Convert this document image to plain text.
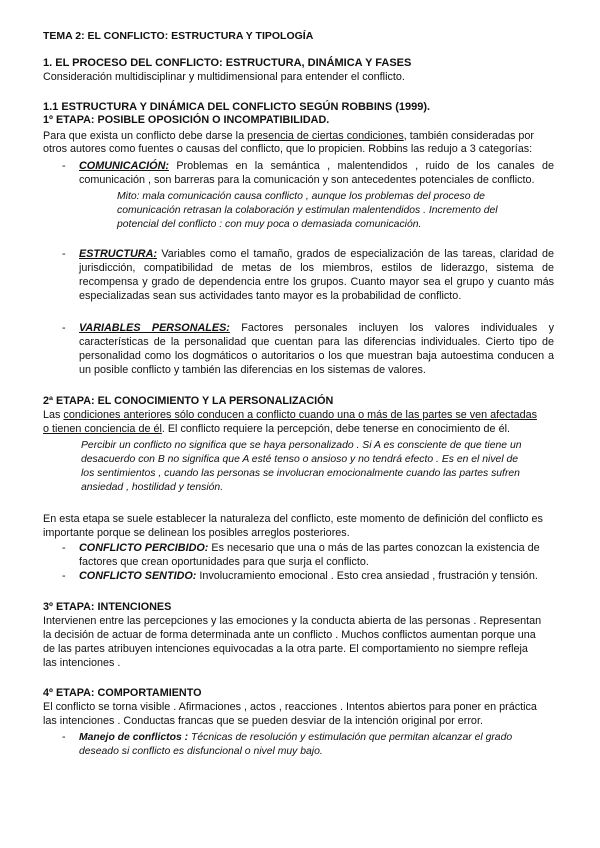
TEMA 2: EL CONFLICTO: ESTRUCTURA Y TIPOLOGÍA
1. EL PROCESO DEL CONFLICTO: ESTRUCTURA, DINÁMICA Y FASES
Consideración multidisciplinar y multidimensional para entender el conflicto.
1.1 ESTRUCTURA Y DINÁMICA DEL CONFLICTO SEGÚN ROBBINS (1999).
1º ETAPA: POSIBLE OPOSICIÓN O INCOMPATIBILIDAD.
Para que exista un conflicto debe darse la presencia de ciertas condiciones, también consideradas por
otros autores como fuentes o causas del conflicto, que lo propicien. Robbins las redujo a 3 categorías:
- COMUNICACIÓN: Problemas en la semántica , malentendidos , ruido de los canales de
comunicación , son barreras para la comunicación y son antecedentes potenciales de conflicto.
Mito: mala comunicación causa conflicto , aunque los problemas del proceso de
comunicación retrasan la colaboración y estimulan malentendidos . Incremento del
potencial del conflicto : con muy poca o demasiada comunicación.
- ESTRUCTURA: Variables como el tamaño, grados de especialización de las tareas, claridad de
jurisdicción, compatibilidad de metas de los miembros, estilos de liderazgo, sistema de
recompensa y grado de dependencia entre los grupos. Cuanto mayor sea el grupo y cuanto más
especializadas sean sus actividades tanto mayor es la probabilidad de conflicto.
- VARIABLES PERSONALES: Factores personales incluyen los valores individuales y
características de la personalidad que cuentan para las diferencias individuales. Cierto tipo de
personalidad como los dogmáticos o autoritarios o los que muestran baja autoestima conducen a
un posible conflicto y también las diferencias en los sistemas de valores.
2ª ETAPA: EL CONOCIMIENTO Y LA PERSONALIZACIÓN
Las condiciones anteriores sólo conducen a conflicto cuando una o más de las partes se ven afectadas
o tienen conciencia de él. El conflicto requiere la percepción, debe tenerse en conocimiento de él.
Percibir un conflicto no significa que se haya personalizado . Si A es consciente de que tiene un
desacuerdo con B no significa que A esté tenso o ansioso y no tendrá efecto . Es en el nivel de
los sentimientos , cuando las personas se involucran emocionalmente cuando las partes sufren
ansiedad , hostilidad y tensión.
En esta etapa se suele establecer la naturaleza del conflicto, este momento de definición del conflicto es
importante porque se delinean los posibles arreglos posteriores.
- CONFLICTO PERCIBIDO: Es necesario que una o más de las partes conozcan la existencia de
factores que crean oportunidades para que surja el conflicto.
- CONFLICTO SENTIDO: Involucramiento emocional . Esto crea ansiedad , frustración y tensión.
3º ETAPA: INTENCIONES
Intervienen entre las percepciones y las emociones y la conducta abierta de las personas . Representan
la decisión de actuar de forma determinada ante un conflicto . Muchos conflictos aumentan porque una
de las partes atribuyen intenciones equivocadas a la otra parte. El comportamiento no siempre refleja
las intenciones .
4º ETAPA: COMPORTAMIENTO
El conflicto se torna visible . Afirmaciones , actos , reacciones . Intentos abiertos para poner en práctica
las intenciones . Conductas francas que se pueden desviar de la intención original por error.
- Manejo de conflictos : Técnicas de resolución y estimulación que permitan alcanzar el grado
deseado si conflicto es disfuncional o nivel muy bajo.
